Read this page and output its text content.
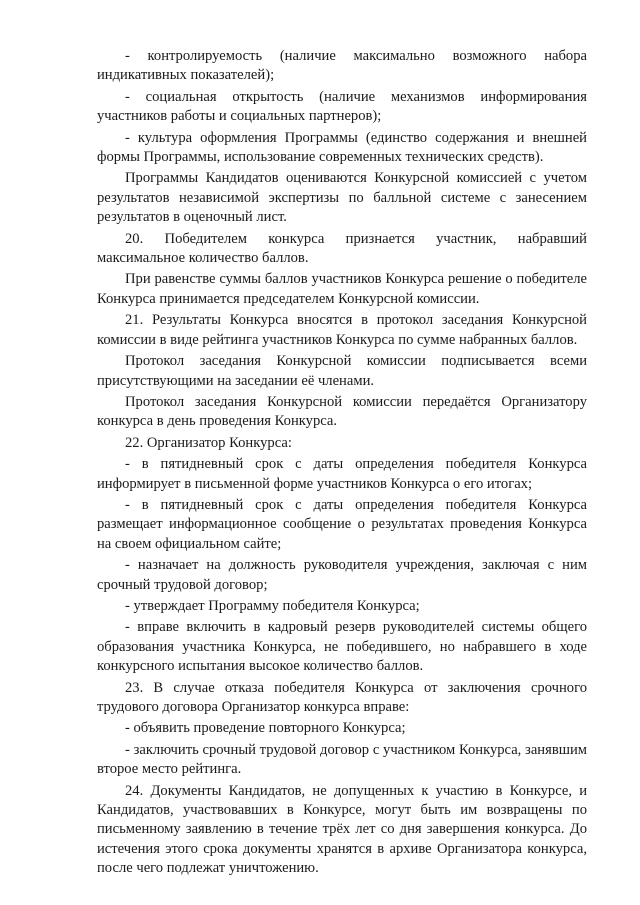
- контролируемость (наличие максимально возможного набора индикативных показателей);

- социальная открытость (наличие механизмов информирования участников работы и социальных партнеров);

- культура оформления Программы (единство содержания и внешней формы Программы, использование современных технических средств).

Программы Кандидатов оцениваются Конкурсной комиссией с учетом результатов независимой экспертизы по балльной системе с занесением результатов в оценочный лист.

20. Победителем конкурса признается участник, набравший максимальное количество баллов.

При равенстве суммы баллов участников Конкурса решение о победителе Конкурса принимается председателем Конкурсной комиссии.

21. Результаты Конкурса вносятся в протокол заседания Конкурсной комиссии в виде рейтинга участников Конкурса по сумме набранных баллов.

Протокол заседания Конкурсной комиссии подписывается всеми присутствующими на заседании её членами.

Протокол заседания Конкурсной комиссии передаётся Организатору конкурса в день проведения Конкурса.

22. Организатор Конкурса:

- в пятидневный срок с даты определения победителя Конкурса информирует в письменной форме участников Конкурса о его итогах;

- в пятидневный срок с даты определения победителя Конкурса размещает информационное сообщение о результатах проведения Конкурса на своем официальном сайте;

- назначает на должность руководителя учреждения, заключая с ним срочный трудовой договор;

- утверждает Программу победителя Конкурса;

- вправе включить в кадровый резерв руководителей системы общего образования участника Конкурса, не победившего, но набравшего в ходе конкурсного испытания высокое количество баллов.

23. В случае отказа победителя Конкурса от заключения срочного трудового договора Организатор конкурса вправе:

- объявить проведение повторного Конкурса;

- заключить срочный трудовой договор с участником Конкурса, занявшим второе место рейтинга.

24. Документы Кандидатов, не допущенных к участию в Конкурсе, и Кандидатов, участвовавших в Конкурсе, могут быть им возвращены по письменному заявлению в течение трёх лет со дня завершения конкурса. До истечения этого срока документы хранятся в архиве Организатора конкурса, после чего подлежат уничтожению.
